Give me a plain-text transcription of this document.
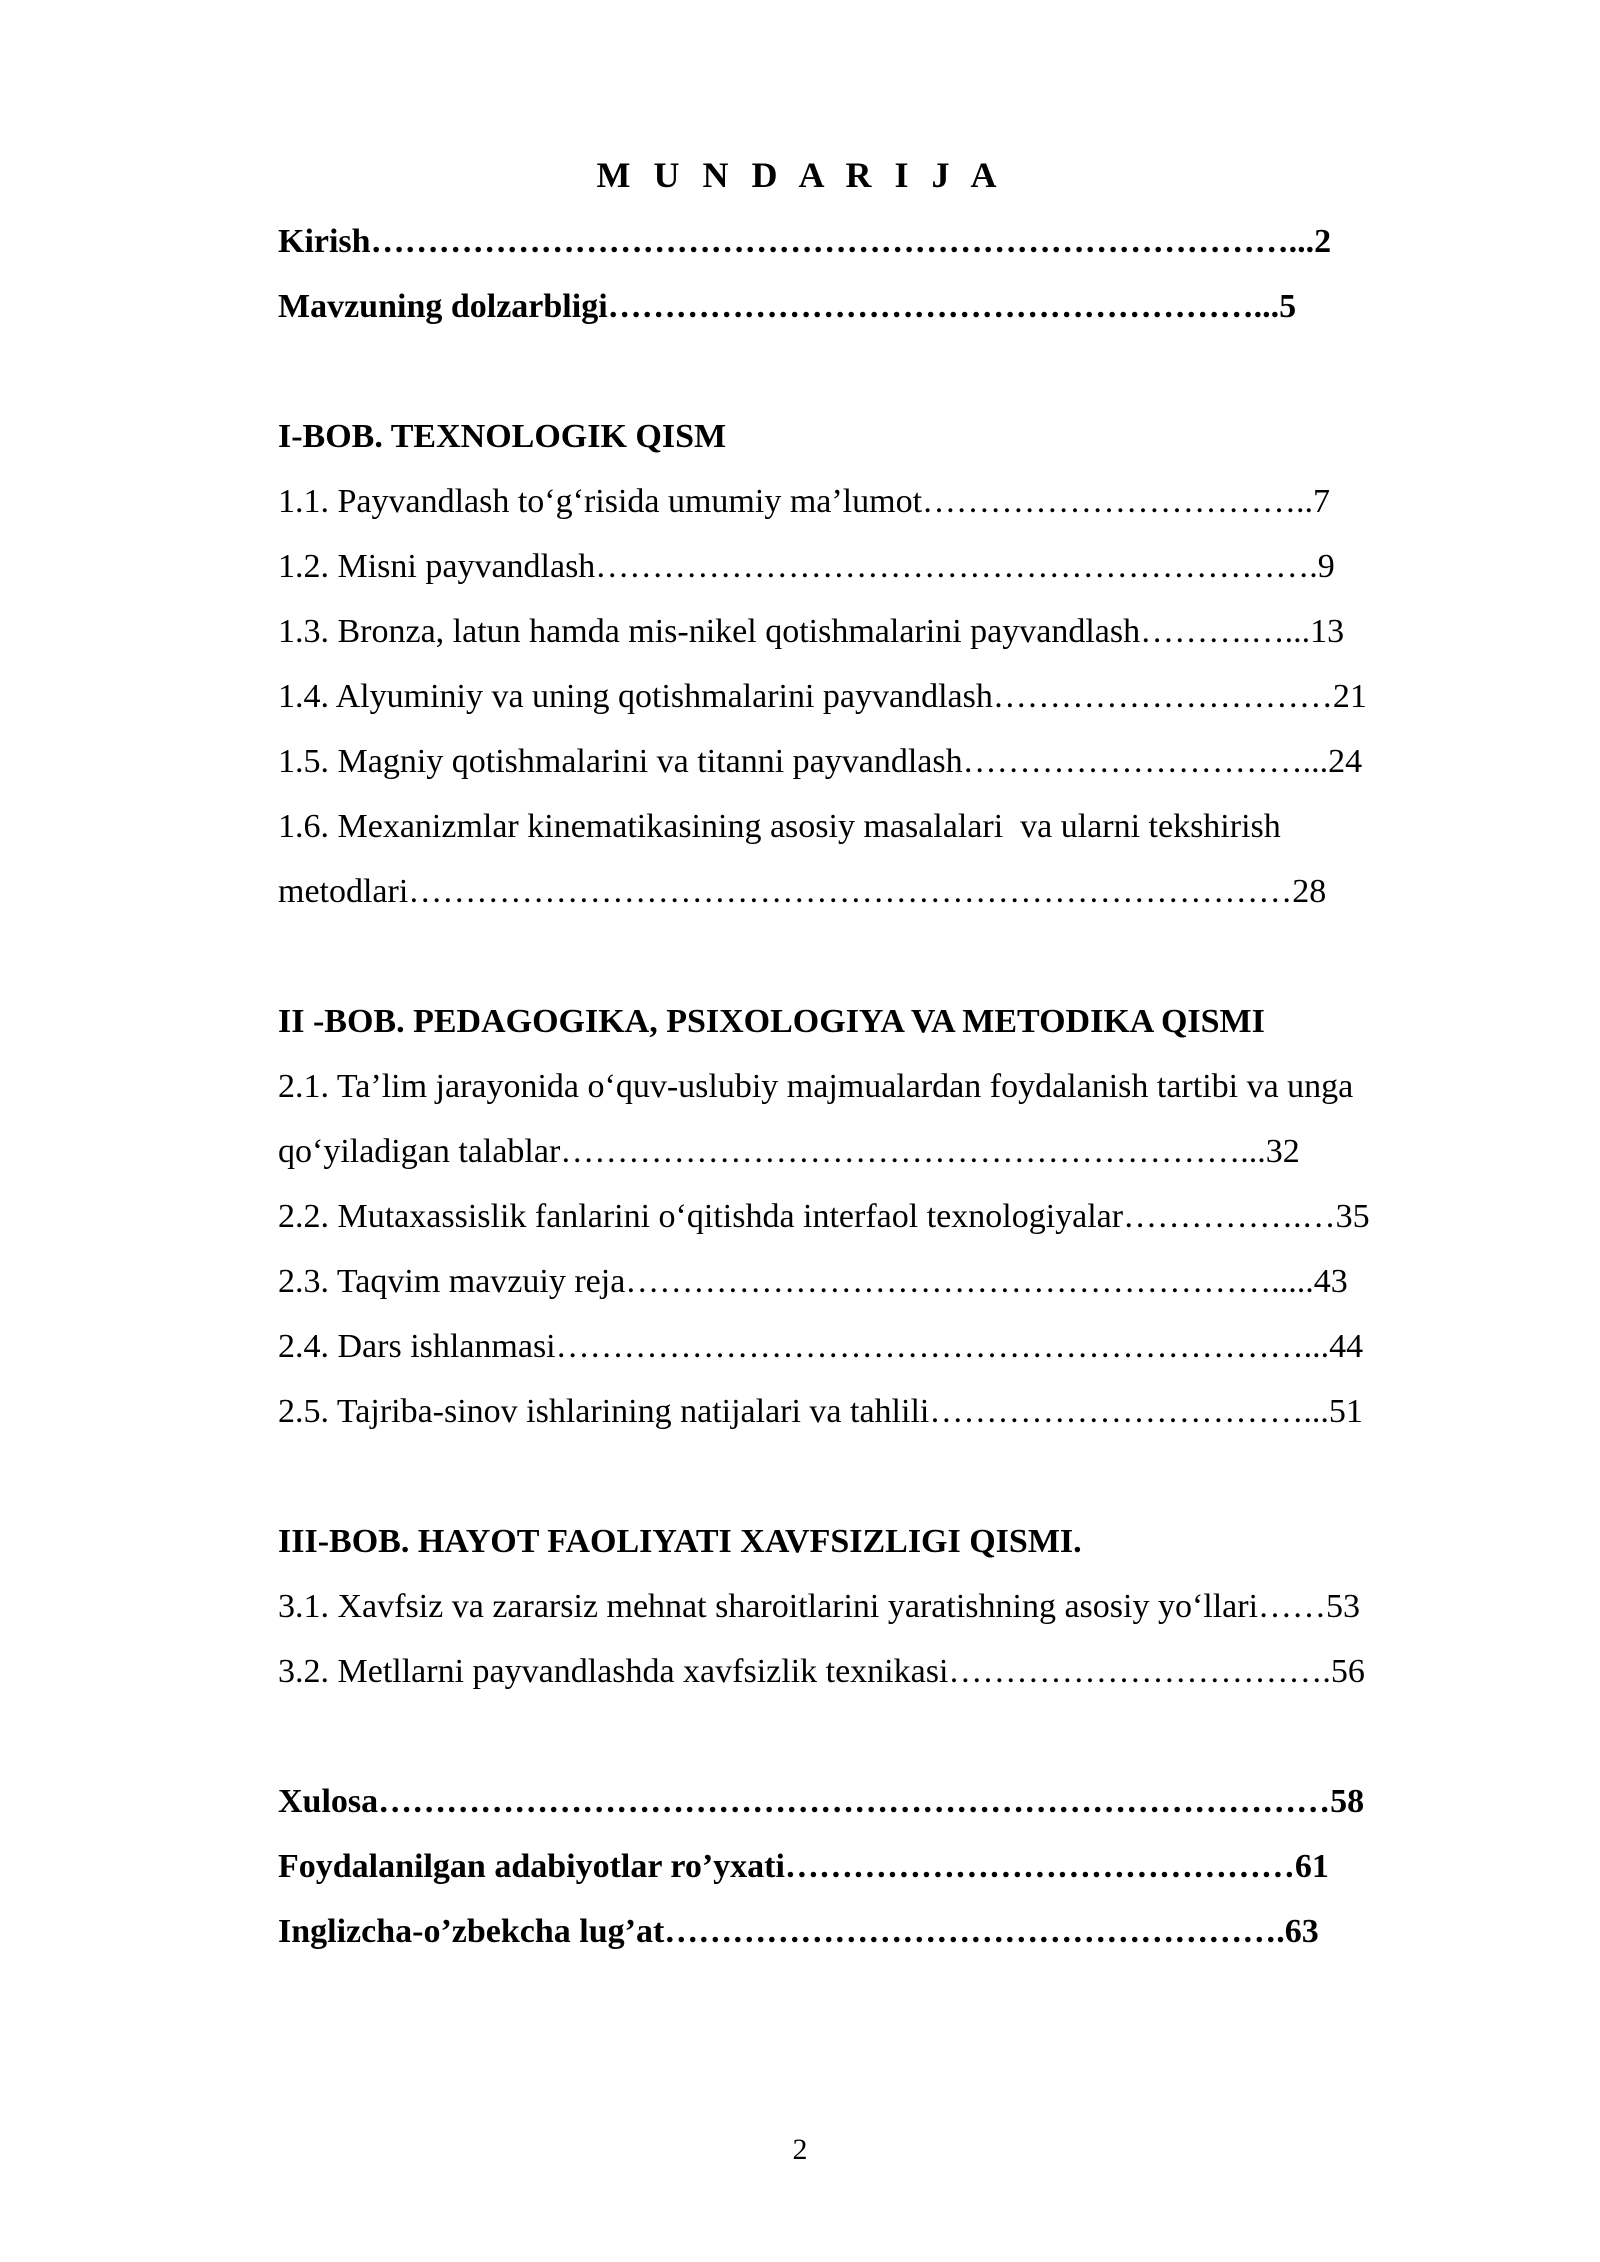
M U N D A R I J A
Kirish………………………………………………………………………...2
Mavzuning dolzarbligi…………………………………………………...5
I-BOB. TEXNOLOGIK QISM
1.1. Payvandlash to‘g‘risida umumiy ma’lumot……………………………..7
1.2. Misni payvandlash……………………………………………………….9
1.3. Bronza, latun hamda mis-nikel qotishmalarini payvandlash……….…...13
1.4. Alyuminiy va uning qotishmalarini payvandlash…………………………21
1.5. Magniy qotishmalarini va titanni payvandlash…………………………...24
1.6. Mexanizmlar kinematikasining asosiy masalalari  va ularni tekshirish
metodlari……………………………………………………………………28
II -BOB. PEDAGOGIKA, PSIXOLOGIYA VA METODIKA QISMI
2.1. Ta’lim jarayonida o‘quv-uslubiy majmualardan foydalanish tartibi va unga
qo‘yiladigan talablar……………………………………………………...32
2.2. Mutaxassislik fanlarini o‘qitishda interfaol texnologiyalar…………….…35
2.3. Taqvim mavzuiy reja………………………………………………….....43
2.4. Dars ishlanmasi…………………………………………………………...44
2.5. Tajriba-sinov ishlarining natijalari va tahlili……………………………...51
III-BOB. HAYOT FAOLIYATI XAVFSIZLIGI QISMI.
3.1. Xavfsiz va zararsiz mehnat sharoitlarini yaratishning asosiy yo‘llari……53
3.2. Metllarni payvandlashda xavfsizlik texnikasi…………………………….56
Xulosa…………………………………………………………………………58
Foydalanilgan adabiyotlar ro’yxati………………………………………61
Inglizcha-o’zbekcha lug’at……………………………………………….63
2
